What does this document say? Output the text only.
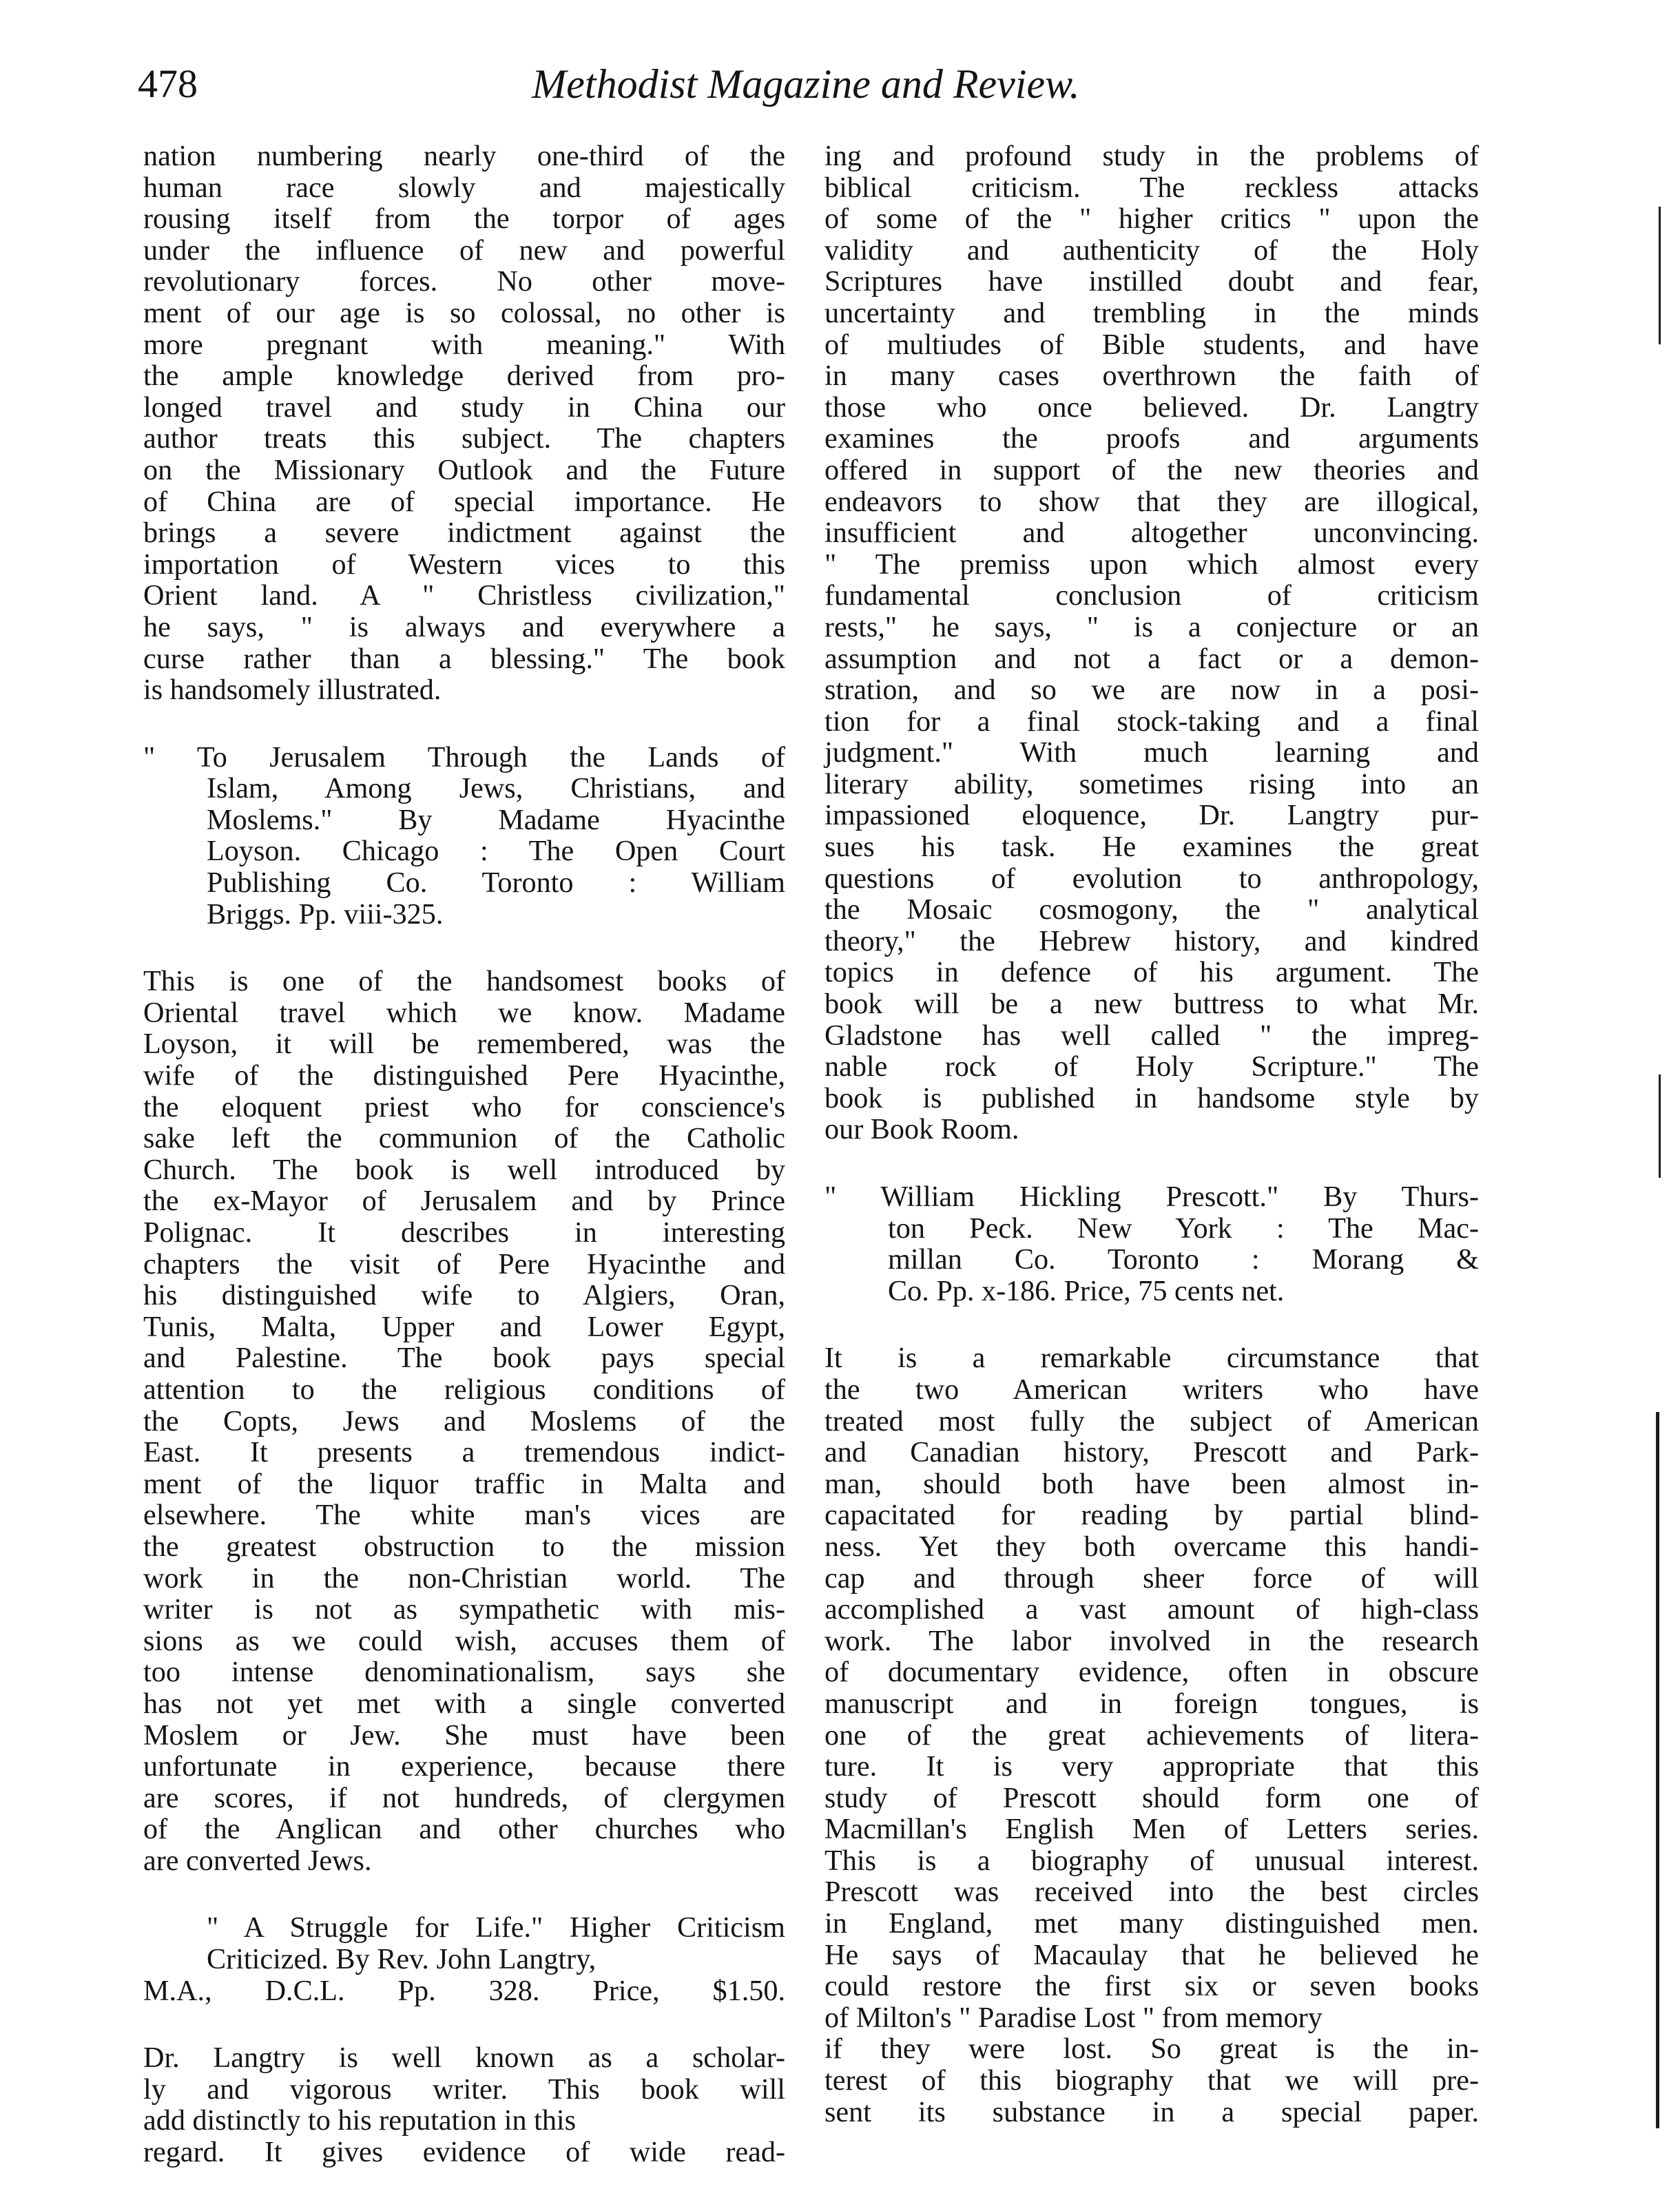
478	Methodist Magazine and Review.
nation numbering nearly one-third of the
human race slowly and majestically
rousing itself from the torpor of ages
under the influence of new and powerful
revolutionary forces. No other move-
ment of our age is so colossal, no other is
more pregnant with meaning." With
the ample knowledge derived from pro-
longed travel and study in China our
author treats this subject. The chapters
on the Missionary Outlook and the Future
of China are of special importance. He
brings a severe indictment against the
importation of Western vices to this
Orient land. A " Christless civilization,"
he says, " is always and everywhere a
curse rather than a blessing." The book
is handsomely illustrated.
" To Jerusalem Through the Lands of
Islam, Among Jews, Christians, and
Moslems." By Madame Hyacinthe
Loyson. Chicago : The Open Court
Publishing Co. Toronto : William
Briggs. Pp. viii-325.
This is one of the handsomest books of
Oriental travel which we know. Madame
Loyson, it will be remembered, was the
wife of the distinguished Pere Hyacinthe,
the eloquent priest who for conscience's
sake left the communion of the Catholic
Church. The book is well introduced by
the ex-Mayor of Jerusalem and by Prince
Polignac. It describes in interesting
chapters the visit of Pere Hyacinthe and
his distinguished wife to Algiers, Oran,
Tunis, Malta, Upper and Lower Egypt,
and Palestine. The book pays special
attention to the religious conditions of
the Copts, Jews and Moslems of the
East. It presents a tremendous indict-
ment of the liquor traffic in Malta and
elsewhere. The white man's vices are
the greatest obstruction to the mission
work in the non-Christian world. The
writer is not as sympathetic with mis-
sions as we could wish, accuses them of
too intense denominationalism, says she
has not yet met with a single converted
Moslem or Jew. She must have been
unfortunate in experience, because there
are scores, if not hundreds, of clergymen
of the Anglican and other churches who
are converted Jews.
" A Struggle for Life." Higher Criticism
Criticized. By Rev. John Langtry,
M.A., D.C.L. Pp. 328. Price, $1.50.
Dr. Langtry is well known as a scholar-
ly and vigorous writer. This book will
add distinctly to his reputation in this
regard. It gives evidence of wide read-
ing and profound study in the problems of
biblical criticism. The reckless attacks
of some of the " higher critics " upon the
validity and authenticity of the Holy
Scriptures have instilled doubt and fear,
uncertainty and trembling in the minds
of multiudes of Bible students, and have
in many cases overthrown the faith of
those who once believed. Dr. Langtry
examines the proofs and arguments
offered in support of the new theories and
endeavors to show that they are illogical,
insufficient and altogether unconvincing.
" The premiss upon which almost every
fundamental conclusion of criticism
rests," he says, " is a conjecture or an
assumption and not a fact or a demon-
stration, and so we are now in a posi-
tion for a final stock-taking and a final
judgment." With much learning and
literary ability, sometimes rising into an
impassioned eloquence, Dr. Langtry pur-
sues his task. He examines the great
questions of evolution to anthropology,
the Mosaic cosmogony, the " analytical
theory," the Hebrew history, and kindred
topics in defence of his argument. The
book will be a new buttress to what Mr.
Gladstone has well called " the impreg-
nable rock of Holy Scripture." The
book is published in handsome style by
our Book Room.
" William Hickling Prescott." By Thurs-
ton Peck. New York : The Mac-
millan Co. Toronto : Morang &
Co. Pp. x-186. Price, 75 cents net.
It is a remarkable circumstance that
the two American writers who have
treated most fully the subject of American
and Canadian history, Prescott and Park-
man, should both have been almost in-
capacitated for reading by partial blind-
ness. Yet they both overcame this handi-
cap and through sheer force of will
accomplished a vast amount of high-class
work. The labor involved in the research
of documentary evidence, often in obscure
manuscript and in foreign tongues, is
one of the great achievements of litera-
ture. It is very appropriate that this
study of Prescott should form one of
Macmillan's English Men of Letters series.
This is a biography of unusual interest.
Prescott was received into the best circles
in England, met many distinguished men.
He says of Macaulay that he believed he
could restore the first six or seven books
of Milton's " Paradise Lost " from memory
if they were lost. So great is the in-
terest of this biography that we will pre-
sent its substance in a special paper.
